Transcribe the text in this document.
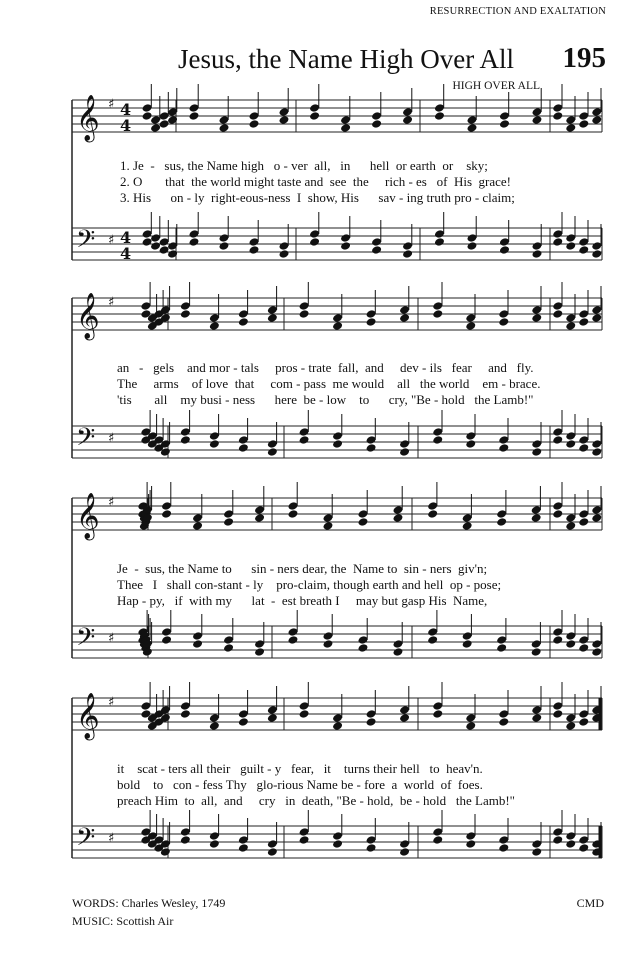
RESURRECTION AND EXALTATION
Jesus, the Name High Over All 195
HIGH OVER ALL
𝄞 ♯ 4
4
𝄢 ♯ 4
4
𝄞 ♯
𝄢 ♯
𝄞 ♯
𝄢 ♯
𝄞 ♯
𝄢 ♯
1. Je  -   sus, the Name high   o - ver  all,   in      hell  or earth  or    sky;
2. O       that  the world might taste and  see  the     rich - es   of  His  grace!
3. His      on - ly  right-eous-ness  I  show, His      sav - ing truth pro - claim;
an   -   gels    and mor - tals     pros - trate  fall,  and     dev - ils   fear     and   fly.
The     arms    of love  that     com - pass  me would    all   the world    em - brace.
'tis       all    my busi - ness      here  be - low    to      cry, "Be - hold   the Lamb!"
Je  -  sus, the Name to      sin - ners dear, the  Name to  sin - ners  giv'n;
Thee   I   shall con-stant - ly    pro-claim, though earth and hell  op - pose;
Hap - py,   if  with my      lat  -  est breath I     may but gasp His  Name,
it    scat - ters all their   guilt - y   fear,   it    turns their hell   to  heav'n.
bold    to   con - fess Thy   glo-rious Name be - fore  a  world  of  foes.
preach Him  to  all,  and     cry   in  death, "Be - hold,  be - hold   the Lamb!"
WORDS: Charles Wesley, 1749
MUSIC: Scottish Air
CMD
